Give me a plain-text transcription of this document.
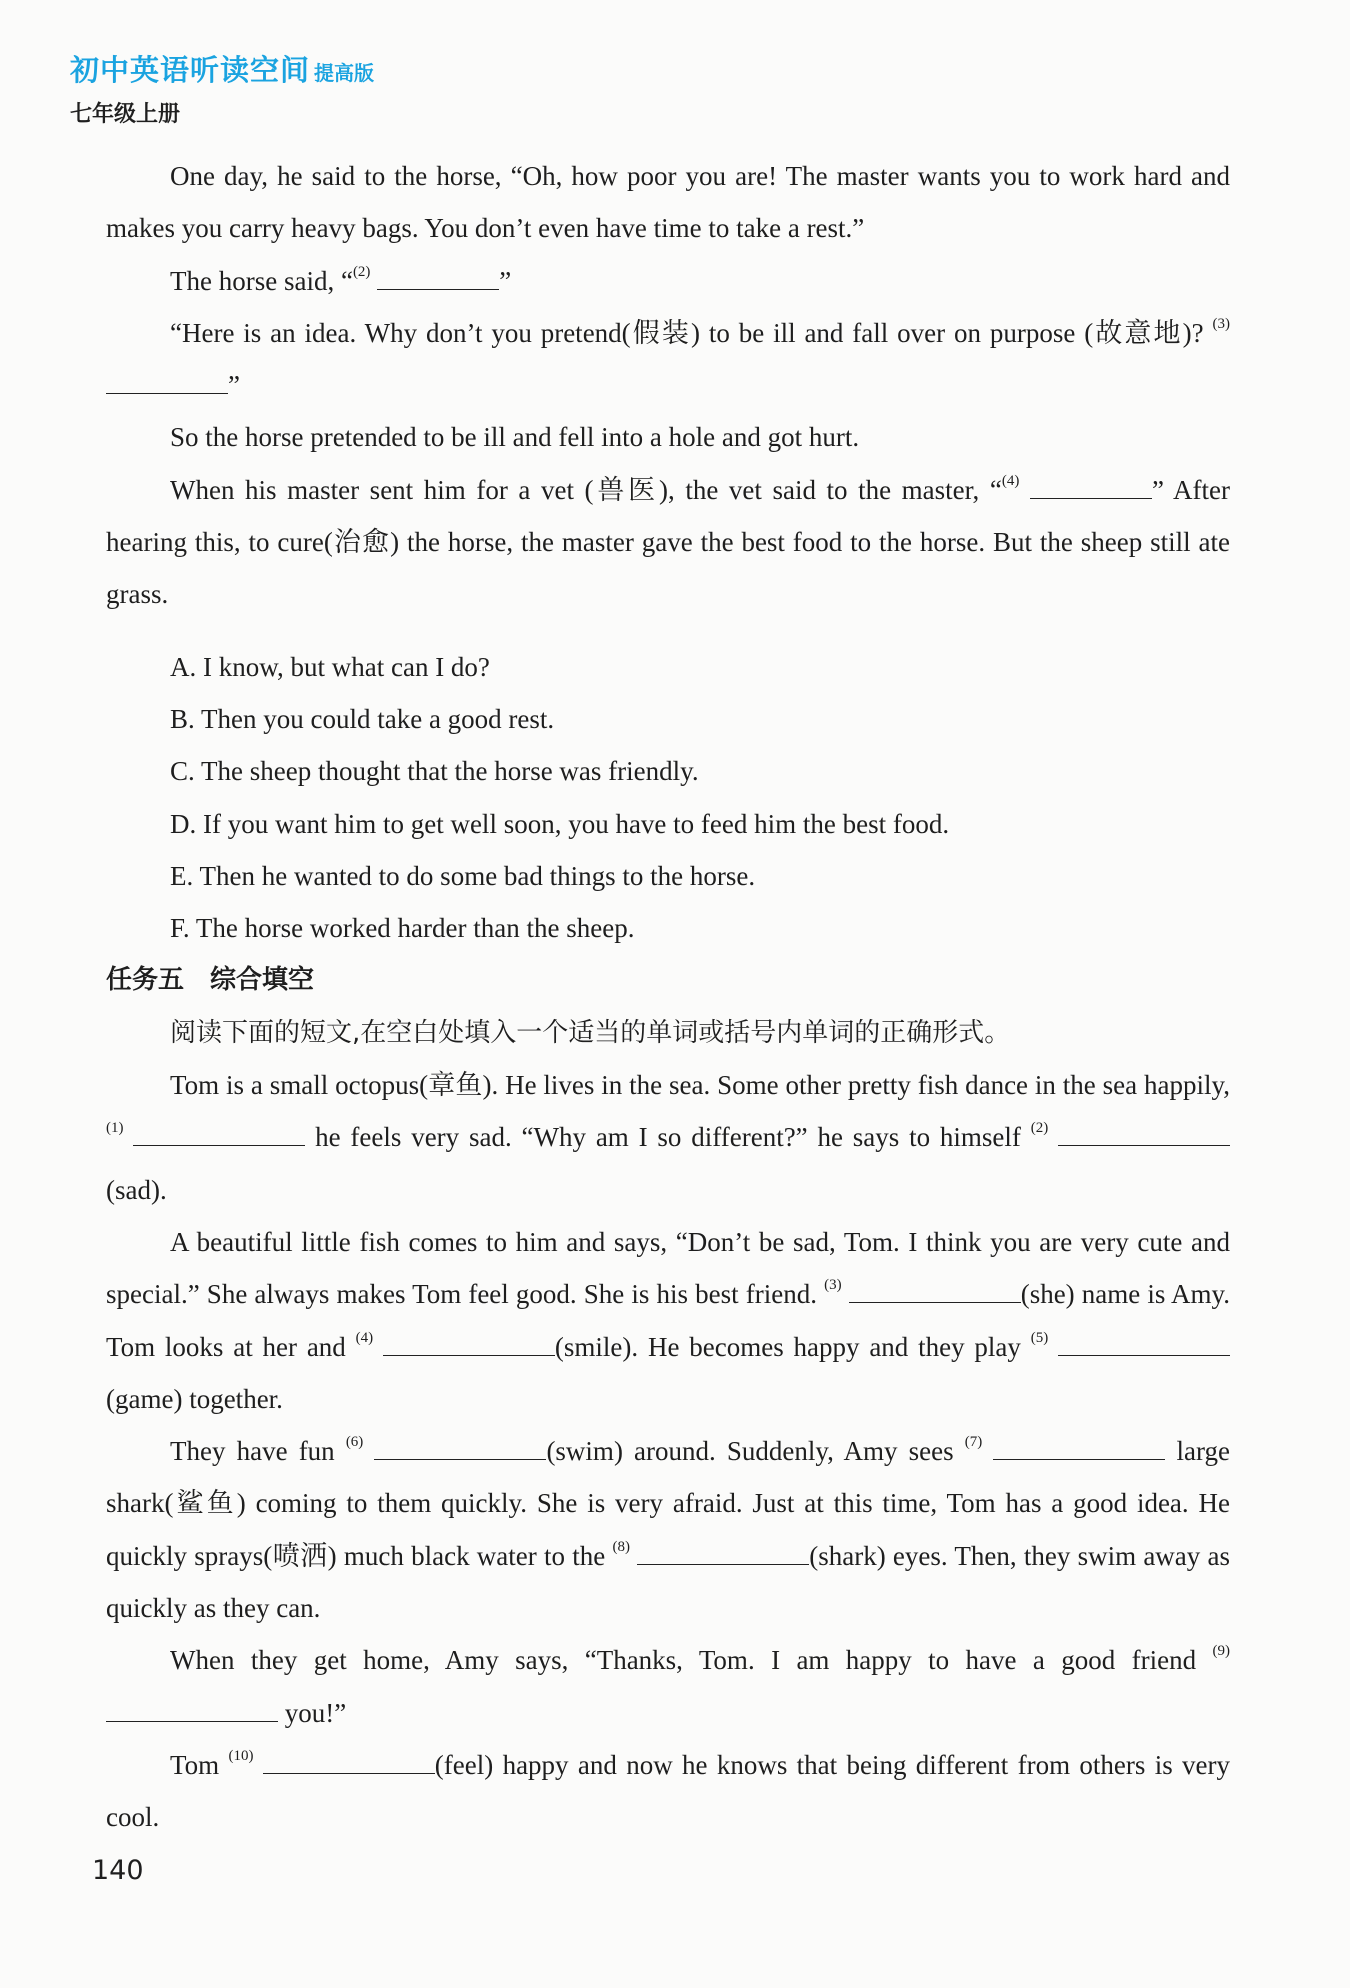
初中英语听读空间 提高版
七年级上册

One day, he said to the horse, “Oh, how poor you are! The master wants you to work hard and makes you carry heavy bags. You don’t even have time to take a rest.”

The horse said, “$^{(2)}$	”

“Here is an idea. Why don’t you pretend(假装) to be ill and fall over on purpose (故意地)? $^{(3)}$ ”

So the horse pretended to be ill and fell into a hole and got hurt.

When his master sent him for a vet (兽医), the vet said to the master, “$^{(4)}$	” After hearing this, to cure(治愈) the horse, the master gave the best food to the horse. But the sheep still ate grass.

A. I know, but what can I do?

B. Then you could take a good rest.

C. The sheep thought that the horse was friendly.

D. If you want him to get well soon, you have to feed him the best food.

E. Then he wanted to do some bad things to the horse.

F. The horse worked harder than the sheep.

任务五　综合填空

阅读下面的短文,在空白处填入一个适当的单词或括号内单词的正确形式。

Tom is a small octopus(章鱼). He lives in the sea. Some other pretty fish dance in the sea happily, $^{(1)}$	he feels very sad. “Why am I so different?” he says to himself $^{(2)}$ (sad).

A beautiful little fish comes to him and says, “Don’t be sad, Tom. I think you are very cute and special.” She always makes Tom feel good. She is his best friend. $^{(3)}$	(she) name is Amy. Tom looks at her and $^{(4)}$	(smile). He becomes happy and they play $^{(5)}$ (game) together.

They have fun $^{(6)}$	(swim) around. Suddenly, Amy sees $^{(7)}$	large shark(鲨鱼) coming to them quickly. She is very afraid. Just at this time, Tom has a good idea. He quickly sprays(喷洒) much black water to the $^{(8)}$	(shark) eyes. Then, they swim away as quickly as they can.

When they get home, Amy says, “Thanks, Tom. I am happy to have a good friend $^{(9)}$  you!”

Tom $^{(10)}$	(feel) happy and now he knows that being different from others is very cool.

140
